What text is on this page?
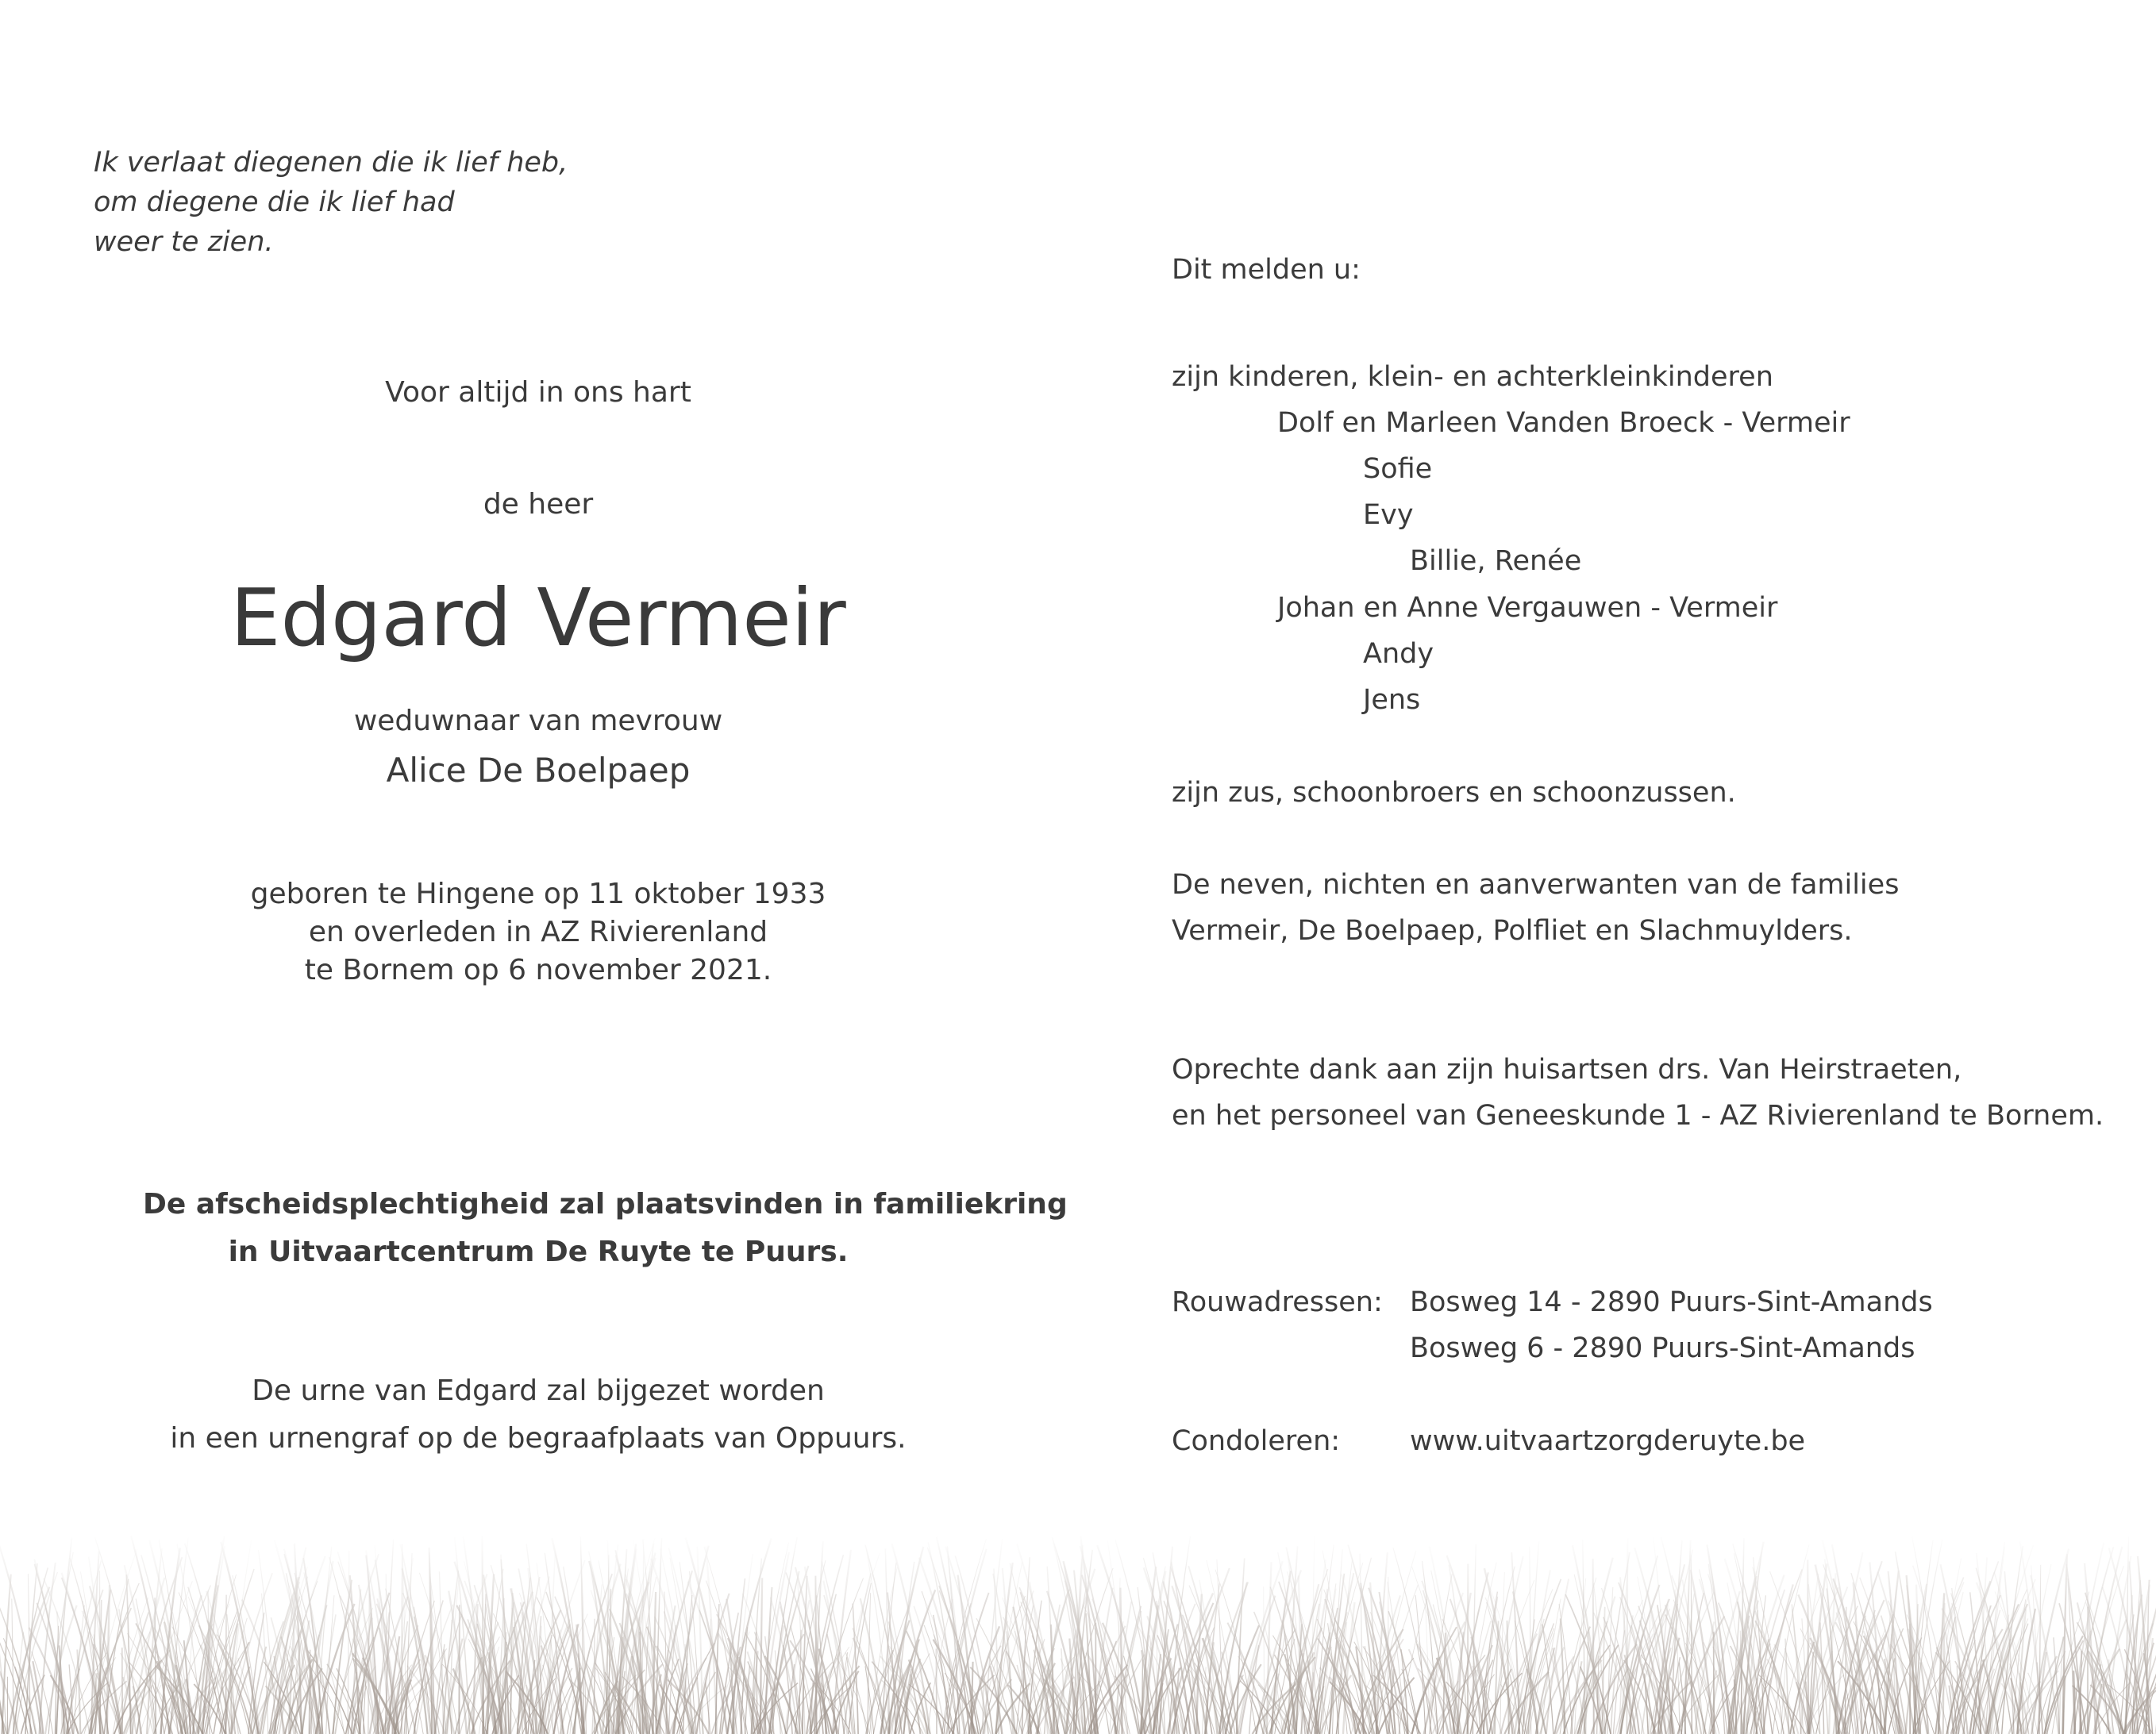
Ik verlaat diegenen die ik lief heb,
om diegene die ik lief had
weer te zien.
Voor altijd in ons hart
de heer
Edgard Vermeir
weduwnaar van mevrouw
Alice De Boelpaep
geboren te Hingene op 11 oktober 1933
en overleden in AZ Rivierenland
te Bornem op 6 november 2021.
De afscheidsplechtigheid zal plaatsvinden in familiekring
in Uitvaartcentrum De Ruyte te Puurs.
De urne van Edgard zal bijgezet worden
in een urnengraf op de begraafplaats van Oppuurs.
Dit melden u:
zijn kinderen, klein- en achterkleinkinderen
Dolf en Marleen Vanden Broeck - Vermeir
Sofie
Evy
Billie, Renée
Johan en Anne Vergauwen - Vermeir
Andy
Jens
zijn zus, schoonbroers en schoonzussen.
De neven, nichten en aanverwanten van de families
Vermeir, De Boelpaep, Polfliet en Slachmuylders.
Oprechte dank aan zijn huisartsen drs. Van Heirstraeten,
en het personeel van Geneeskunde 1 - AZ Rivierenland te Bornem.
Rouwadressen: Bosweg 14 - 2890 Puurs-Sint-Amands
Bosweg 6 - 2890 Puurs-Sint-Amands
Condoleren:	www.uitvaartzorgderuyte.be
